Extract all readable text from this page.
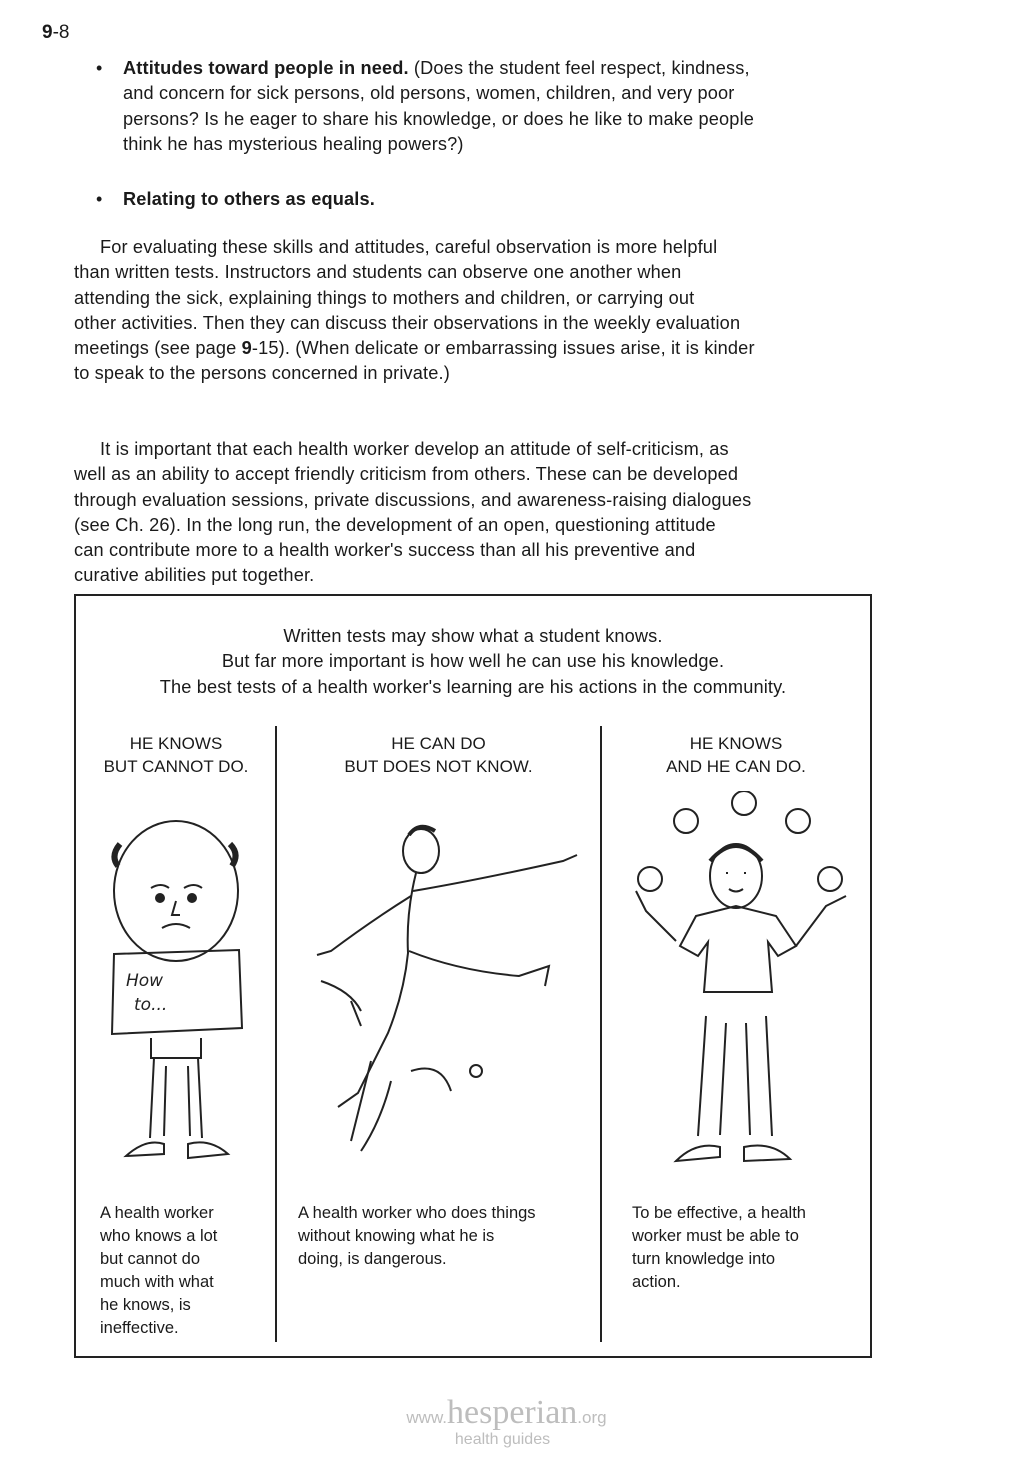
9-8
• Attitudes toward people in need. (Does the student feel respect, kindness,
and concern for sick persons, old persons, women, children, and very poor
persons? Is he eager to share his knowledge, or does he like to make people
think he has mysterious healing powers?)
• Relating to others as equals.
For evaluating these skills and attitudes, careful observation is more helpful
than written tests. Instructors and students can observe one another when
attending the sick, explaining things to mothers and children, or carrying out
other activities. Then they can discuss their observations in the weekly evaluation
meetings (see page 9-15). (When delicate or embarrassing issues arise, it is kinder
to speak to the persons concerned in private.)
It is important that each health worker develop an attitude of self-criticism, as
well as an ability to accept friendly criticism from others. These can be developed
through evaluation sessions, private discussions, and awareness-raising dialogues
(see Ch. 26). In the long run, the development of an open, questioning attitude
can contribute more to a health worker's success than all his preventive and
curative abilities put together.
Written tests may show what a student knows.
But far more important is how well he can use his knowledge.
The best tests of a health worker's learning are his actions in the community.
HE KNOWS
BUT CANNOT DO.
How
to...
A health worker
who knows a lot
but cannot do
much with what
he knows, is
ineffective.
HE CAN DO
BUT DOES NOT KNOW.
A health worker who does things
without knowing what he is
doing, is dangerous.
HE KNOWS
AND HE CAN DO.
To be effective, a health
worker must be able to
turn knowledge into
action.
www.hesperian.org
health guides
